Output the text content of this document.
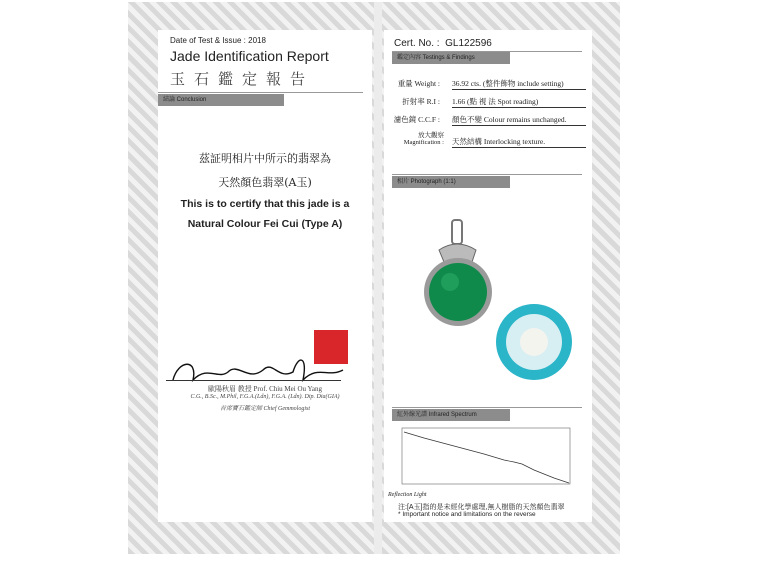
Date of Test & Issue : 2018
Jade Identification Report
玉石鑑定報告
結論 Conclusion
茲証明相片中所示的翡翠為
天然顏色翡翠(A玉)
This is to certify that this jade is a
Natural Colour Fei Cui (Type A)
歐陽秋眉 教授 Prof. Chiu Mei Ou Yang
C.G., B.Sc., M.Phil, F.G.A.(Ldn), F.G.A. (Ldn). Dip. Dia(GIA)
首席寶石鑑定師 Chief Gemmologist
Cert. No. : GL122596
鑑定內容 Testings & Findings
重量 Weight : 36.92 cts. (整件飾物 include setting)
折射率 R.I : 1.66 (點 視 法 Spot reading)
濾色鏡 C.C.F : 顏色不變 Colour remains unchanged.
放大觀察 Magnification : 天然結構 Interlocking texture.
相片 Photograph (1:1)
紅外線光譜 Infrared Spectrum
Reflection Light
注:[A玉]指的是未經化學處理,無人樹脂的天然顏色翡翠
* Important notice and limitations on the reverse
